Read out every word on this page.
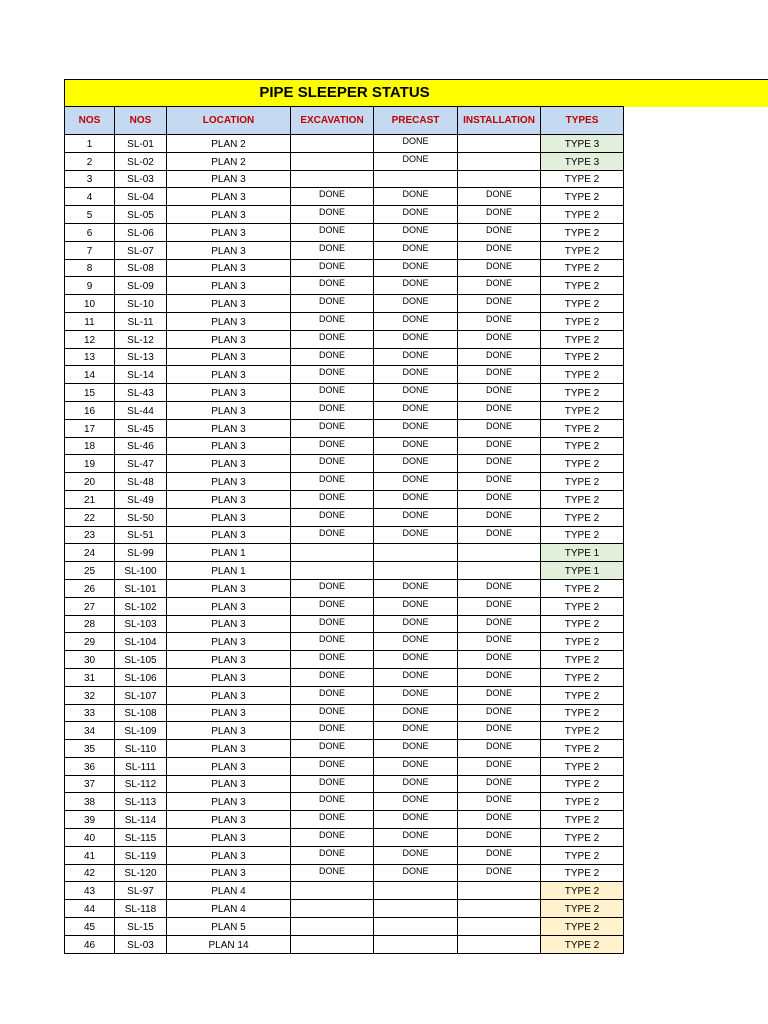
PIPE SLEEPER STATUS
NOS	NOS	LOCATION	EXCAVATION	PRECAST	INSTALLATION	TYPES
1	SL-01	PLAN 2		DONE		TYPE 3
2	SL-02	PLAN 2		DONE		TYPE 3
3	SL-03	PLAN 3				TYPE 2
4	SL-04	PLAN 3	DONE	DONE	DONE	TYPE 2
5	SL-05	PLAN 3	DONE	DONE	DONE	TYPE 2
6	SL-06	PLAN 3	DONE	DONE	DONE	TYPE 2
7	SL-07	PLAN 3	DONE	DONE	DONE	TYPE 2
8	SL-08	PLAN 3	DONE	DONE	DONE	TYPE 2
9	SL-09	PLAN 3	DONE	DONE	DONE	TYPE 2
10	SL-10	PLAN 3	DONE	DONE	DONE	TYPE 2
11	SL-11	PLAN 3	DONE	DONE	DONE	TYPE 2
12	SL-12	PLAN 3	DONE	DONE	DONE	TYPE 2
13	SL-13	PLAN 3	DONE	DONE	DONE	TYPE 2
14	SL-14	PLAN 3	DONE	DONE	DONE	TYPE 2
15	SL-43	PLAN 3	DONE	DONE	DONE	TYPE 2
16	SL-44	PLAN 3	DONE	DONE	DONE	TYPE 2
17	SL-45	PLAN 3	DONE	DONE	DONE	TYPE 2
18	SL-46	PLAN 3	DONE	DONE	DONE	TYPE 2
19	SL-47	PLAN 3	DONE	DONE	DONE	TYPE 2
20	SL-48	PLAN 3	DONE	DONE	DONE	TYPE 2
21	SL-49	PLAN 3	DONE	DONE	DONE	TYPE 2
22	SL-50	PLAN 3	DONE	DONE	DONE	TYPE 2
23	SL-51	PLAN 3	DONE	DONE	DONE	TYPE 2
24	SL-99	PLAN 1				TYPE 1
25	SL-100	PLAN 1				TYPE 1
26	SL-101	PLAN 3	DONE	DONE	DONE	TYPE 2
27	SL-102	PLAN 3	DONE	DONE	DONE	TYPE 2
28	SL-103	PLAN 3	DONE	DONE	DONE	TYPE 2
29	SL-104	PLAN 3	DONE	DONE	DONE	TYPE 2
30	SL-105	PLAN 3	DONE	DONE	DONE	TYPE 2
31	SL-106	PLAN 3	DONE	DONE	DONE	TYPE 2
32	SL-107	PLAN 3	DONE	DONE	DONE	TYPE 2
33	SL-108	PLAN 3	DONE	DONE	DONE	TYPE 2
34	SL-109	PLAN 3	DONE	DONE	DONE	TYPE 2
35	SL-110	PLAN 3	DONE	DONE	DONE	TYPE 2
36	SL-111	PLAN 3	DONE	DONE	DONE	TYPE 2
37	SL-112	PLAN 3	DONE	DONE	DONE	TYPE 2
38	SL-113	PLAN 3	DONE	DONE	DONE	TYPE 2
39	SL-114	PLAN 3	DONE	DONE	DONE	TYPE 2
40	SL-115	PLAN 3	DONE	DONE	DONE	TYPE 2
41	SL-119	PLAN 3	DONE	DONE	DONE	TYPE 2
42	SL-120	PLAN 3	DONE	DONE	DONE	TYPE 2
43	SL-97	PLAN 4				TYPE 2
44	SL-118	PLAN 4				TYPE 2
45	SL-15	PLAN 5				TYPE 2
46	SL-03	PLAN 14				TYPE 2
